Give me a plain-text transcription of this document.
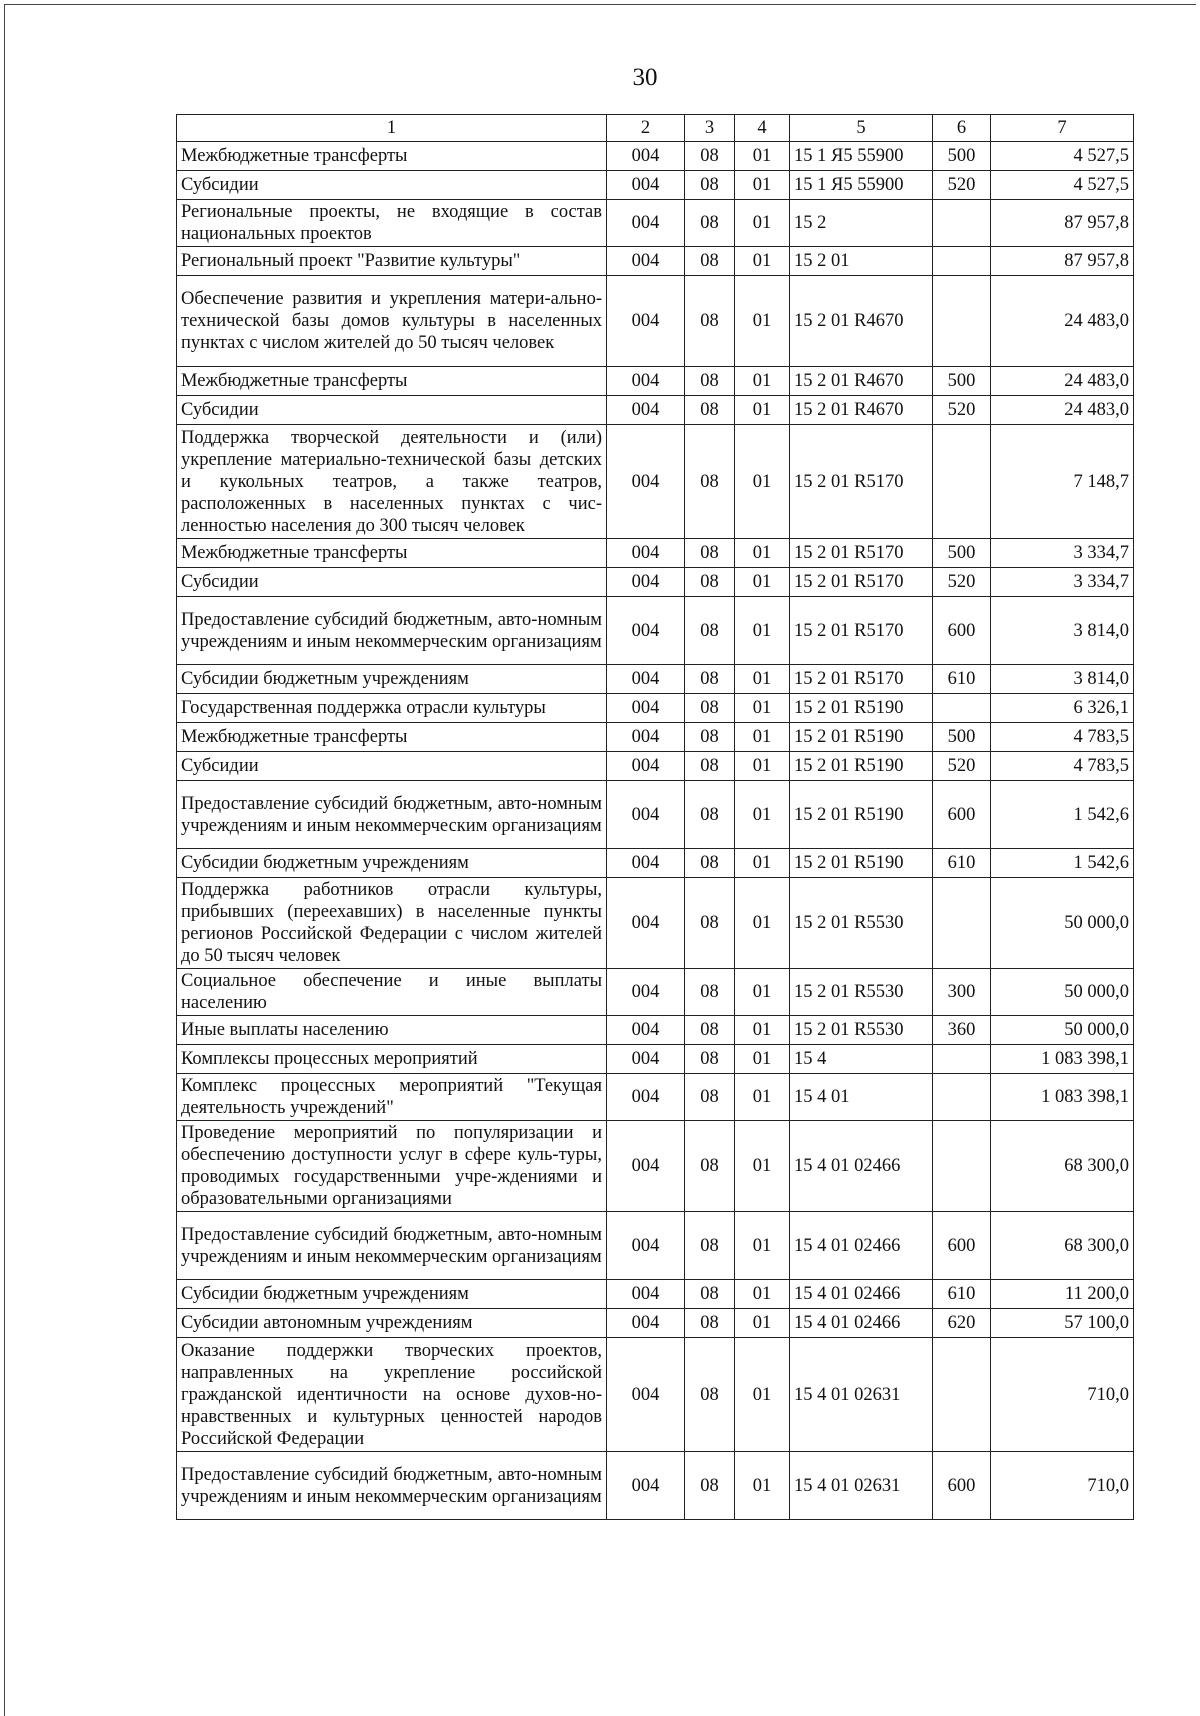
30
1	2	3	4	5	6	7
Межбюджетные трансферты	004	08	01	15 1 Я5 55900	500	4 527,5
Субсидии	004	08	01	15 1 Я5 55900	520	4 527,5
Региональные проекты, не входящие в состав национальных проектов	004	08	01	15 2		87 957,8
Региональный проект "Развитие культуры"	004	08	01	15 2 01		87 957,8
Обеспечение развития и укрепления матери-ально-технической базы домов культуры в населенных пунктах с числом жителей до 50 тысяч человек	004	08	01	15 2 01 R4670		24 483,0
Межбюджетные трансферты	004	08	01	15 2 01 R4670	500	24 483,0
Субсидии	004	08	01	15 2 01 R4670	520	24 483,0
Поддержка творческой деятельности и (или) укрепление материально-технической базы детских и кукольных театров, а также театров, расположенных в населенных пунктах с чис-ленностью населения до 300 тысяч человек	004	08	01	15 2 01 R5170		7 148,7
Межбюджетные трансферты	004	08	01	15 2 01 R5170	500	3 334,7
Субсидии	004	08	01	15 2 01 R5170	520	3 334,7
Предоставление субсидий бюджетным, авто-номным учреждениям и иным некоммерческим организациям	004	08	01	15 2 01 R5170	600	3 814,0
Субсидии бюджетным учреждениям	004	08	01	15 2 01 R5170	610	3 814,0
Государственная поддержка отрасли культуры	004	08	01	15 2 01 R5190		6 326,1
Межбюджетные трансферты	004	08	01	15 2 01 R5190	500	4 783,5
Субсидии	004	08	01	15 2 01 R5190	520	4 783,5
Предоставление субсидий бюджетным, авто-номным учреждениям и иным некоммерческим организациям	004	08	01	15 2 01 R5190	600	1 542,6
Субсидии бюджетным учреждениям	004	08	01	15 2 01 R5190	610	1 542,6
Поддержка работников отрасли культуры, прибывших (переехавших) в населенные пункты регионов Российской Федерации с числом жителей до 50 тысяч человек	004	08	01	15 2 01 R5530		50 000,0
Социальное обеспечение и иные выплаты населению	004	08	01	15 2 01 R5530	300	50 000,0
Иные выплаты населению	004	08	01	15 2 01 R5530	360	50 000,0
Комплексы процессных мероприятий	004	08	01	15 4		1 083 398,1
Комплекс процессных мероприятий "Текущая деятельность учреждений"	004	08	01	15 4 01		1 083 398,1
Проведение мероприятий по популяризации и обеспечению доступности услуг в сфере куль-туры, проводимых государственными учре-ждениями и образовательными организациями	004	08	01	15 4 01 02466		68 300,0
Предоставление субсидий бюджетным, авто-номным учреждениям и иным некоммерческим организациям	004	08	01	15 4 01 02466	600	68 300,0
Субсидии бюджетным учреждениям	004	08	01	15 4 01 02466	610	11 200,0
Субсидии автономным учреждениям	004	08	01	15 4 01 02466	620	57 100,0
Оказание поддержки творческих проектов, направленных на укрепление российской гражданской идентичности на основе духов-но-нравственных и культурных ценностей народов Российской Федерации	004	08	01	15 4 01 02631		710,0
Предоставление субсидий бюджетным, авто-номным учреждениям и иным некоммерческим организациям	004	08	01	15 4 01 02631	600	710,0
